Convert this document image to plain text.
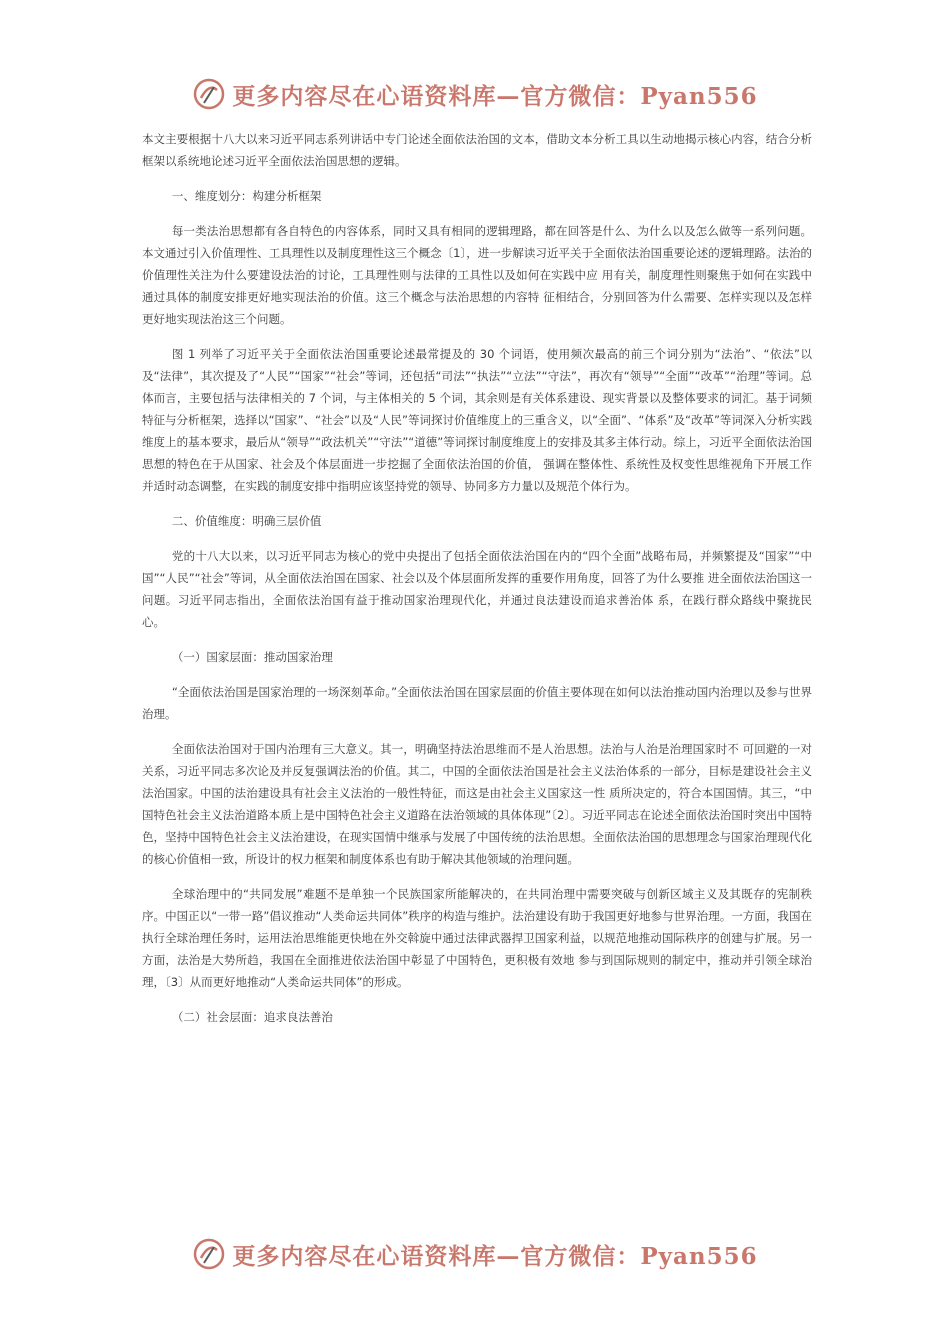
更多内容尽在心语资料库—官方微信：Pyan556

本文主要根据十八大以来习近平同志系列讲话中专门论述全面依法治国的文本，借助文本分析工具以生动地揭示核心内容，结合分析框架以系统地论述习近平全面依法治国思想的逻辑。

一、维度划分：构建分析框架

每一类法治思想都有各自特色的内容体系，同时又具有相同的逻辑理路，都在回答是什么、为什么以及怎么做等一系列问题。本文通过引入价值理性、工具理性以及制度理性这三个概念〔1〕，进一步解读习近平关于全面依法治国重要论述的逻辑理路。法治的价值理性关注为什么要建设法治的讨论，工具理性则与法律的工具性以及如何在实践中应 用有关，制度理性则聚焦于如何在实践中通过具体的制度安排更好地实现法治的价值。这三个概念与法治思想的内容特 征相结合，分别回答为什么需要、怎样实现以及怎样更好地实现法治这三个问题。

图 1 列举了习近平关于全面依法治国重要论述最常提及的 30 个词语，使用频次最高的前三个词分别为“法治”、“依法”以及“法律”，其次提及了“人民”“国家”“社会”等词，还包括“司法”“执法”“立法”“守法”，再次有“领导”“全面”“改革”“治理”等词。总体而言，主要包括与法律相关的 7 个词，与主体相关的 5 个词，其余则是有关体系建设、现实背景以及整体要求的词汇。基于词频特征与分析框架，选择以“国家”、“社会”以及“人民”等词探讨价值维度上的三重含义，以“全面”、“体系”及“改革”等词深入分析实践维度上的基本要求，最后从“领导”“政法机关”“守法”“道德”等词探讨制度维度上的安排及其多主体行动。综上，习近平全面依法治国思想的特色在于从国家、社会及个体层面进一步挖掘了全面依法治国的价值， 强调在整体性、系统性及权变性思维视角下开展工作并适时动态调整，在实践的制度安排中指明应该坚持党的领导、协同多方力量以及规范个体行为。

二、价值维度：明确三层价值

党的十八大以来，以习近平同志为核心的党中央提出了包括全面依法治国在内的“四个全面”战略布局，并频繁提及“国家”“中国”“人民”“社会”等词，从全面依法治国在国家、社会以及个体层面所发挥的重要作用角度，回答了为什么要推 进全面依法治国这一问题。习近平同志指出，全面依法治国有益于推动国家治理现代化，并通过良法建设而追求善治体 系，在践行群众路线中聚拢民心。

（一）国家层面：推动国家治理

“全面依法治国是国家治理的一场深刻革命。”全面依法治国在国家层面的价值主要体现在如何以法治推动国内治理以及参与世界治理。

全面依法治国对于国内治理有三大意义。其一，明确坚持法治思维而不是人治思想。法治与人治是治理国家时不 可回避的一对关系，习近平同志多次论及并反复强调法治的价值。其二，中国的全面依法治国是社会主义法治体系的一部分，目标是建设社会主义法治国家。中国的法治建设具有社会主义法治的一般性特征，而这是由社会主义国家这一性 质所决定的，符合本国国情。其三，“中国特色社会主义法治道路本质上是中国特色社会主义道路在法治领域的具体体现”〔2〕。习近平同志在论述全面依法治国时突出中国特色，坚持中国特色社会主义法治建设，在现实国情中继承与发展了中国传统的法治思想。全面依法治国的思想理念与国家治理现代化的核心价值相一致，所设计的权力框架和制度体系也有助于解决其他领域的治理问题。

全球治理中的“共同发展”难题不是单独一个民族国家所能解决的，在共同治理中需要突破与创新区域主义及其既存的宪制秩序。中国正以“一带一路”倡议推动“人类命运共同体”秩序的构造与维护。法治建设有助于我国更好地参与世界治理。一方面，我国在执行全球治理任务时，运用法治思维能更快地在外交斡旋中通过法律武器捍卫国家利益，以规范地推动国际秩序的创建与扩展。另一方面，法治是大势所趋，我国在全面推进依法治国中彰显了中国特色，更积极有效地 参与到国际规则的制定中，推动并引领全球治理，〔3〕从而更好地推动“人类命运共同体”的形成。

（二）社会层面：追求良法善治
更多内容尽在心语资料库—官方微信：Pyan556
